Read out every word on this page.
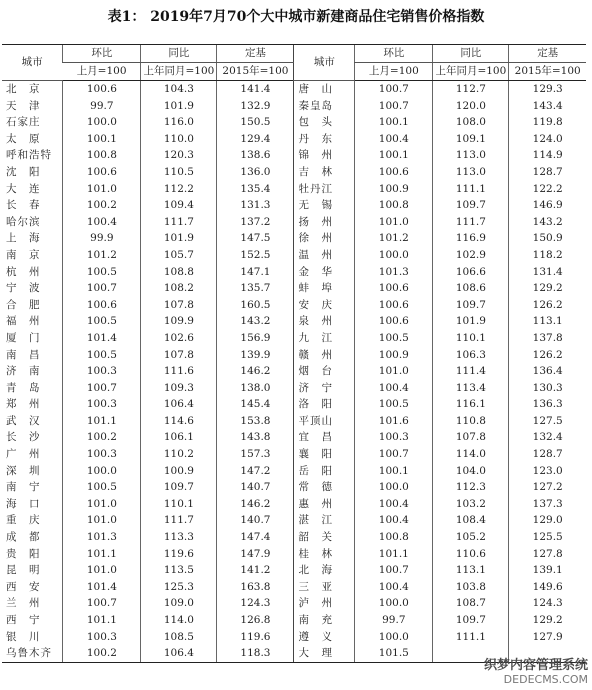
表1： 2019年7月70个大中城市新建商品住宅销售价格指数
城市	环比	同比	定基	城市	环比	同比	定基
	上月=100	上年同月=100	2015年=100		上月=100	上年同月=100	2015年=100
北　京	100.6	104.3	141.4	唐　山	100.7	112.7	129.3
天　津	99.7	101.9	132.9	秦皇岛	100.7	120.0	143.4
石家庄	100.0	116.0	150.5	包　头	100.1	108.0	119.8
太　原	100.1	110.0	129.4	丹　东	100.4	109.1	124.0
呼和浩特	100.8	120.3	138.6	锦　州	100.1	113.0	114.9
沈　阳	100.6	110.5	136.0	吉　林	100.6	113.0	128.7
大　连	101.0	112.2	135.4	牡丹江	100.9	111.1	122.2
长　春	100.2	109.4	131.3	无　锡	100.8	109.7	146.9
哈尔滨	100.4	111.7	137.2	扬　州	101.0	111.7	143.2
上　海	99.9	101.9	147.5	徐　州	101.2	116.9	150.9
南　京	101.2	105.7	152.5	温　州	100.0	102.9	118.2
杭　州	100.5	108.8	147.1	金　华	101.3	106.6	131.4
宁　波	100.7	108.2	135.7	蚌　埠	100.6	108.6	129.2
合　肥	100.6	107.8	160.5	安　庆	100.6	109.7	126.2
福　州	100.5	109.9	143.2	泉　州	100.6	101.9	113.1
厦　门	101.4	102.6	156.9	九　江	100.5	110.1	137.8
南　昌	100.5	107.8	139.9	赣　州	100.9	106.3	126.2
济　南	100.3	111.6	146.2	烟　台	101.0	111.4	136.4
青　岛	100.7	109.3	138.0	济　宁	100.4	113.4	130.3
郑　州	100.3	106.4	145.4	洛　阳	100.5	116.1	136.3
武　汉	101.1	114.6	153.8	平顶山	101.6	110.8	127.5
长　沙	100.2	106.1	143.8	宜　昌	100.3	107.8	132.4
广　州	100.3	110.2	157.3	襄　阳	100.7	114.0	128.7
深　圳	100.0	100.9	147.2	岳　阳	100.1	104.0	123.0
南　宁	100.5	109.7	140.7	常　德	100.0	112.3	127.2
海　口	101.0	110.1	146.2	惠　州	100.4	103.2	137.3
重　庆	101.0	111.7	140.7	湛　江	100.4	108.4	129.0
成　都	101.3	113.3	147.4	韶　关	100.8	105.2	125.5
贵　阳	101.1	119.6	147.9	桂　林	101.1	110.6	127.8
昆　明	101.0	113.5	141.2	北　海	100.7	113.1	139.1
西　安	101.4	125.3	163.8	三　亚	100.4	103.8	149.6
兰　州	100.7	109.0	124.3	泸　州	100.0	108.7	124.3
西　宁	101.1	114.0	126.8	南　充	99.7	109.7	129.2
银　川	100.3	108.5	119.6	遵　义	100.0	111.1	127.9
乌鲁木齐	100.2	106.4	118.3	大　理	101.5		
织梦内容管理系统
DEDECMS.COM
